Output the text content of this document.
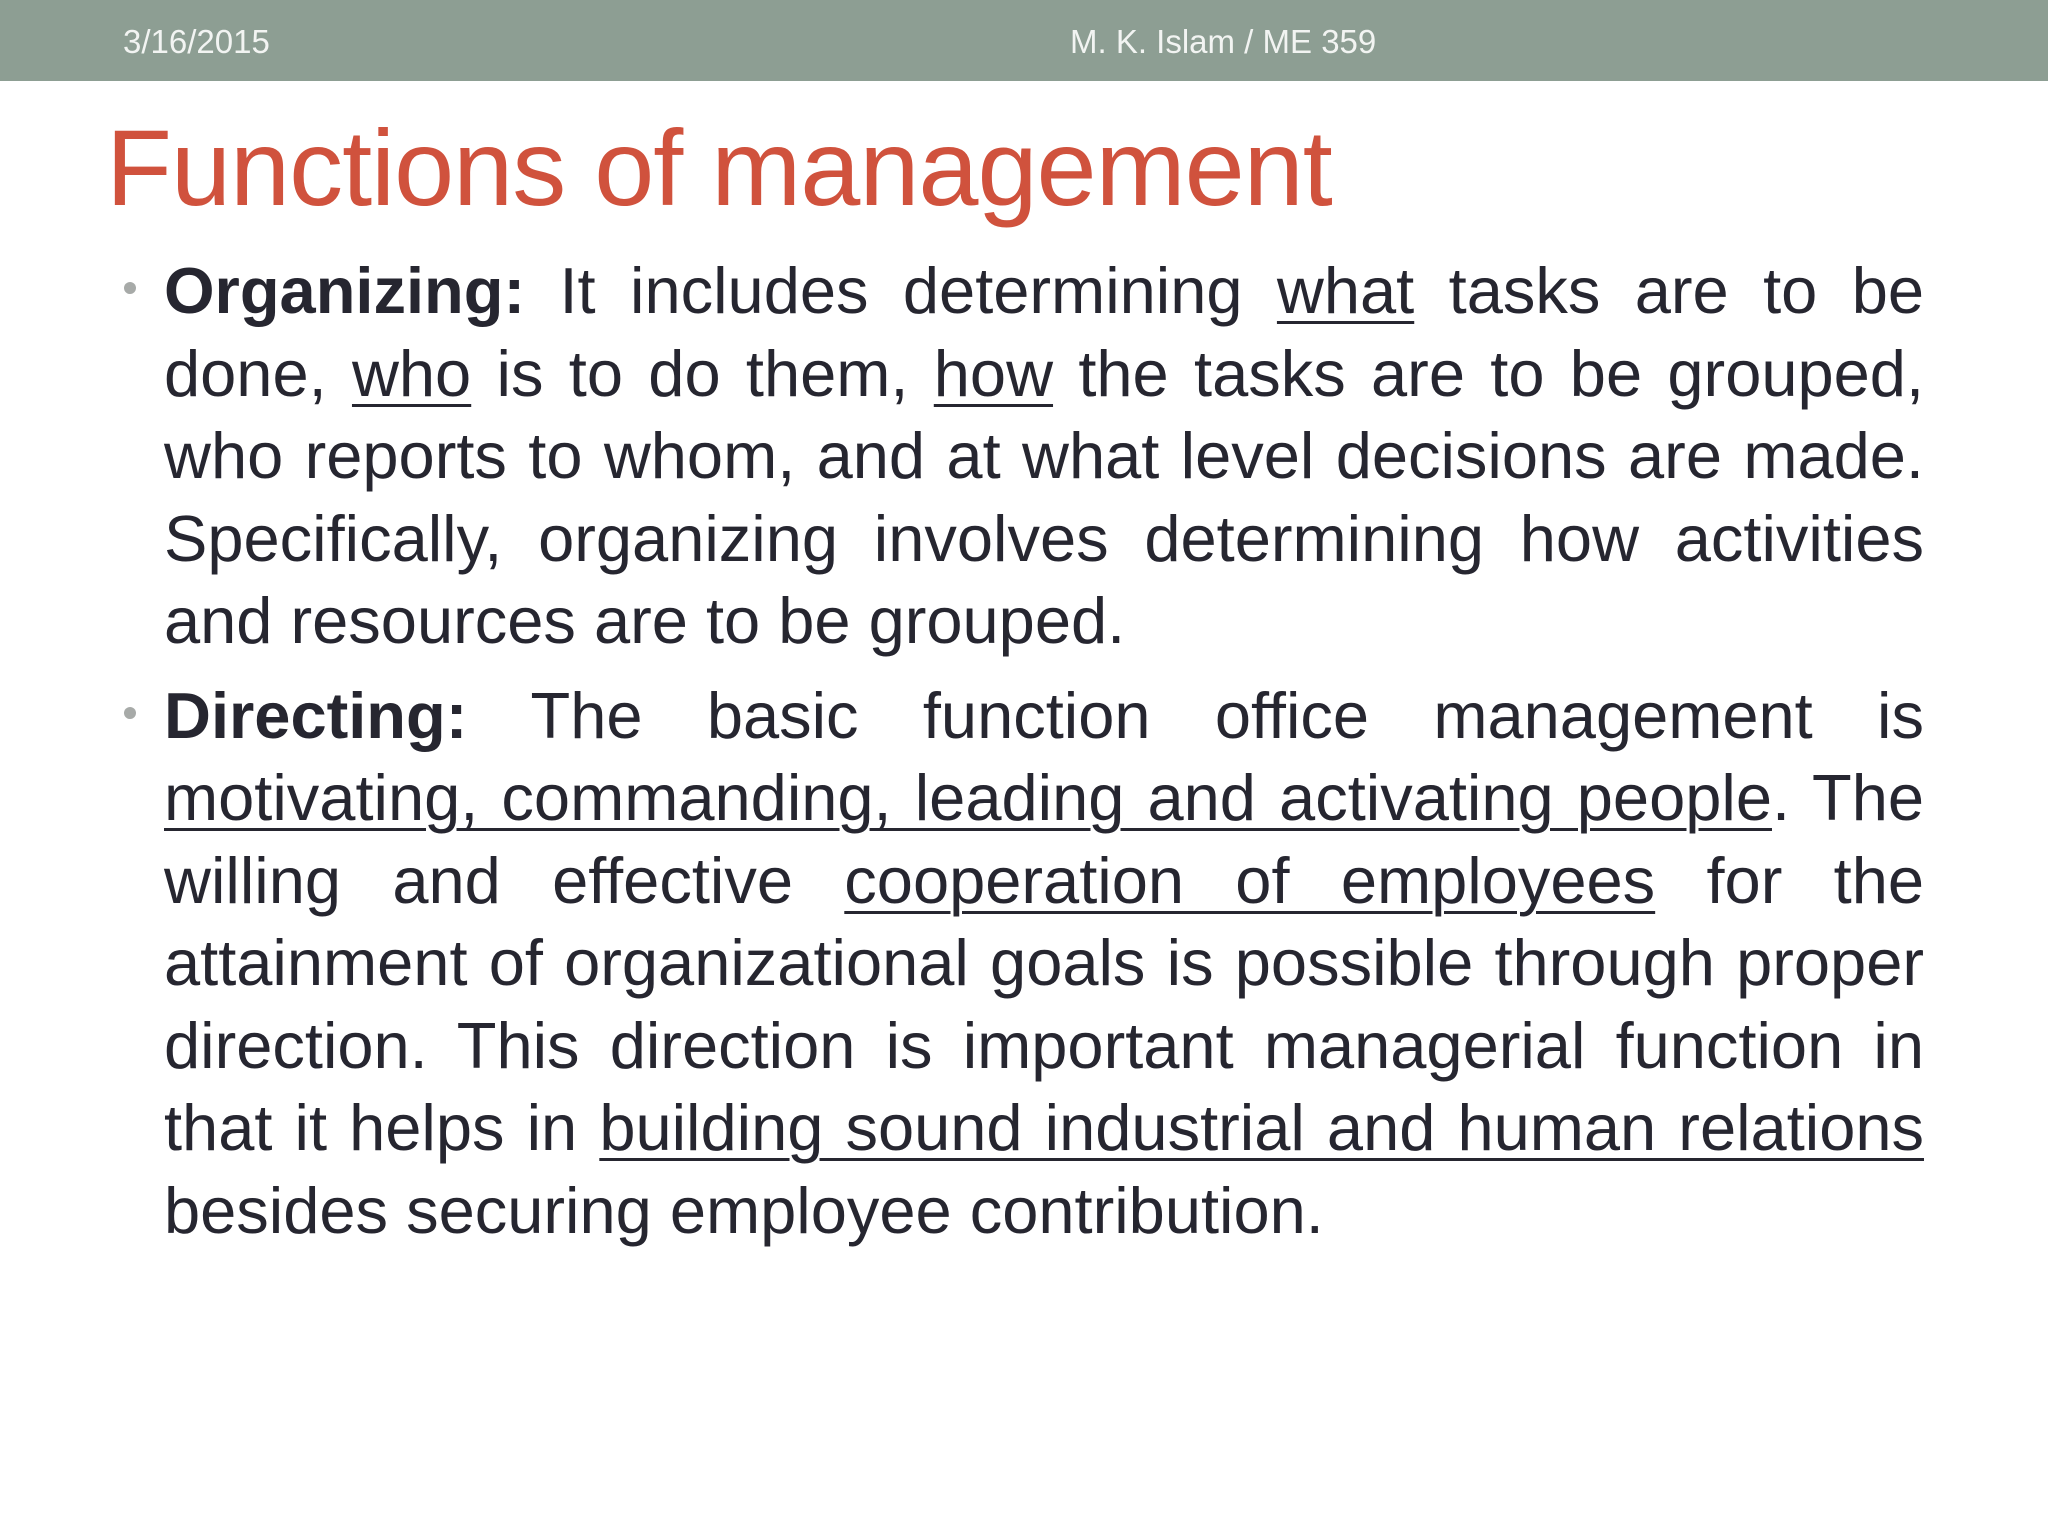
3/16/2015	M. K. Islam / ME 359
Functions of management

Organizing: It includes determining what tasks are to be done, who is to do them, how the tasks are to be grouped, who reports to whom, and at what level decisions are made. Specifically, organizing involves determining how activities and resources are to be grouped.

Directing: The basic function office management is motivating, commanding, leading and activating people. The willing and effective cooperation of employees for the attainment of organizational goals is possible through proper direction. This direction is important managerial function in that it helps in building sound industrial and human relations besides securing employee contribution.
